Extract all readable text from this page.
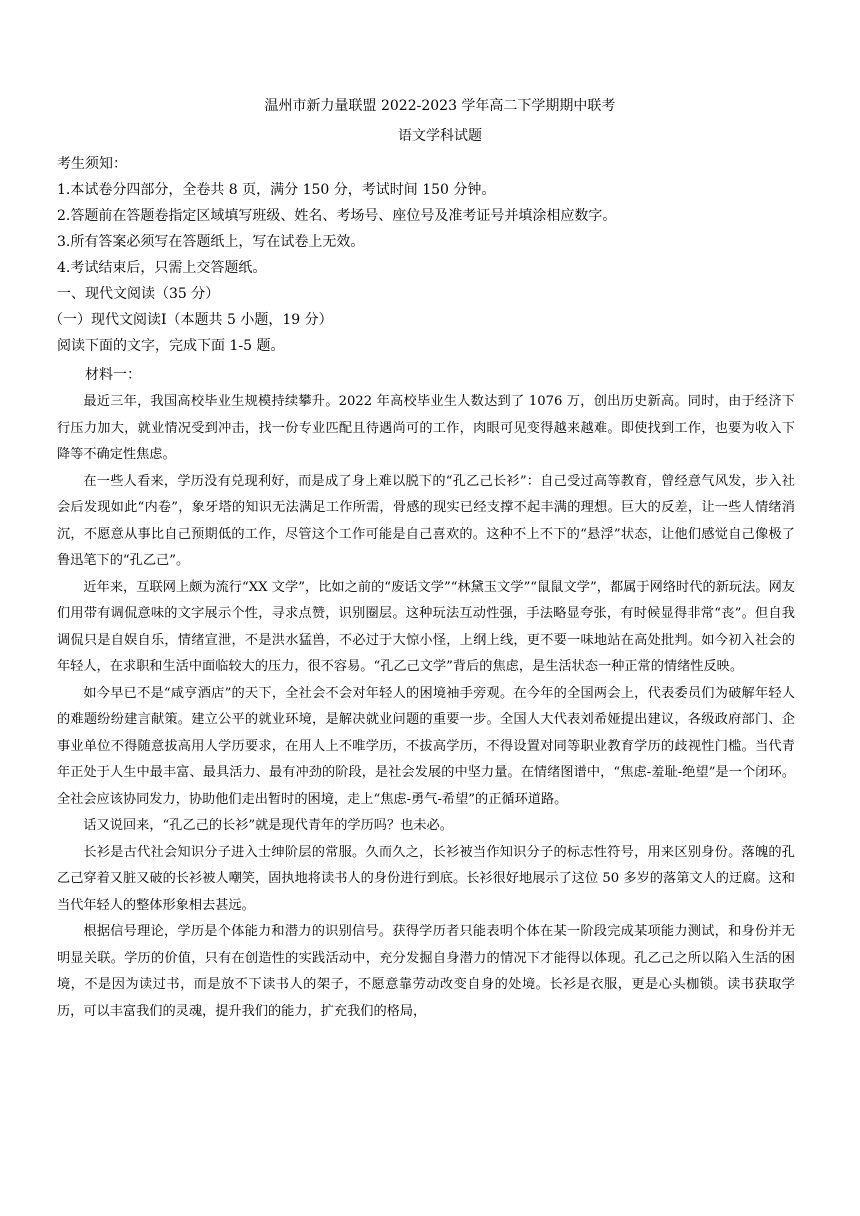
温州市新力量联盟 2022-2023 学年高二下学期期中联考

语文学科试题

考生须知：

1.本试卷分四部分，全卷共 8 页，满分 150 分，考试时间 150 分钟。

2.答题前在答题卷指定区域填写班级、姓名、考场号、座位号及准考证号并填涂相应数字。

3.所有答案必须写在答题纸上，写在试卷上无效。

4.考试结束后，只需上交答题纸。

一、现代文阅读（35 分）

（一）现代文阅读Ⅰ（本题共 5 小题，19 分）

阅读下面的文字，完成下面 1-5 题。

材料一：

最近三年，我国高校毕业生规模持续攀升。2022 年高校毕业生人数达到了 1076 万，创出历史新高。同时，由于经济下行压力加大，就业情况受到冲击，找一份专业匹配且待遇尚可的工作，肉眼可见变得越来越难。即使找到工作，也要为收入下降等不确定性焦虑。

在一些人看来，学历没有兑现利好，而是成了身上难以脱下的“孔乙己长衫”：自己受过高等教育，曾经意气风发，步入社会后发现如此“内卷”，象牙塔的知识无法满足工作所需，骨感的现实已经支撑不起丰满的理想。巨大的反差，让一些人情绪消沉，不愿意从事比自己预期低的工作，尽管这个工作可能是自己喜欢的。这种不上不下的“悬浮”状态，让他们感觉自己像极了鲁迅笔下的“孔乙己”。

近年来，互联网上颇为流行“XX 文学”，比如之前的“废话文学”“林黛玉文学”“鼠鼠文学”，都属于网络时代的新玩法。网友们用带有调侃意味的文字展示个性，寻求点赞，识别圈层。这种玩法互动性强，手法略显夸张，有时候显得非常“丧”。但自我调侃只是自娱自乐，情绪宣泄，不是洪水猛兽，不必过于大惊小怪，上纲上线，更不要一味地站在高处批判。如今初入社会的年轻人，在求职和生活中面临较大的压力，很不容易。“孔乙己文学”背后的焦虑，是生活状态一种正常的情绪性反映。

如今早已不是“咸亨酒店”的天下，全社会不会对年轻人的困境袖手旁观。在今年的全国两会上，代表委员们为破解年轻人的难题纷纷建言献策。建立公平的就业环境，是解决就业问题的重要一步。全国人大代表刘希娅提出建议，各级政府部门、企事业单位不得随意拔高用人学历要求，在用人上不唯学历，不拔高学历，不得设置对同等职业教育学历的歧视性门槛。当代青年正处于人生中最丰富、最具活力、最有冲劲的阶段，是社会发展的中坚力量。在情绪图谱中，“焦虑-羞耻-绝望”是一个闭环。全社会应该协同发力，协助他们走出暂时的困境，走上“焦虑-勇气-希望”的正循环道路。

话又说回来，“孔乙己的长衫”就是现代青年的学历吗？也未必。

长衫是古代社会知识分子进入士绅阶层的常服。久而久之，长衫被当作知识分子的标志性符号，用来区别身份。落魄的孔乙己穿着又脏又破的长衫被人嘲笑，固执地将读书人的身份进行到底。长衫很好地展示了这位 50 多岁的落第文人的迂腐。这和当代年轻人的整体形象相去甚远。

根据信号理论，学历是个体能力和潜力的识别信号。获得学历者只能表明个体在某一阶段完成某项能力测试，和身份并无明显关联。学历的价值，只有在创造性的实践活动中，充分发掘自身潜力的情况下才能得以体现。孔乙己之所以陷入生活的困境，不是因为读过书，而是放不下读书人的架子，不愿意靠劳动改变自身的处境。长衫是衣服，更是心头枷锁。读书获取学历，可以丰富我们的灵魂，提升我们的能力，扩充我们的格局，
